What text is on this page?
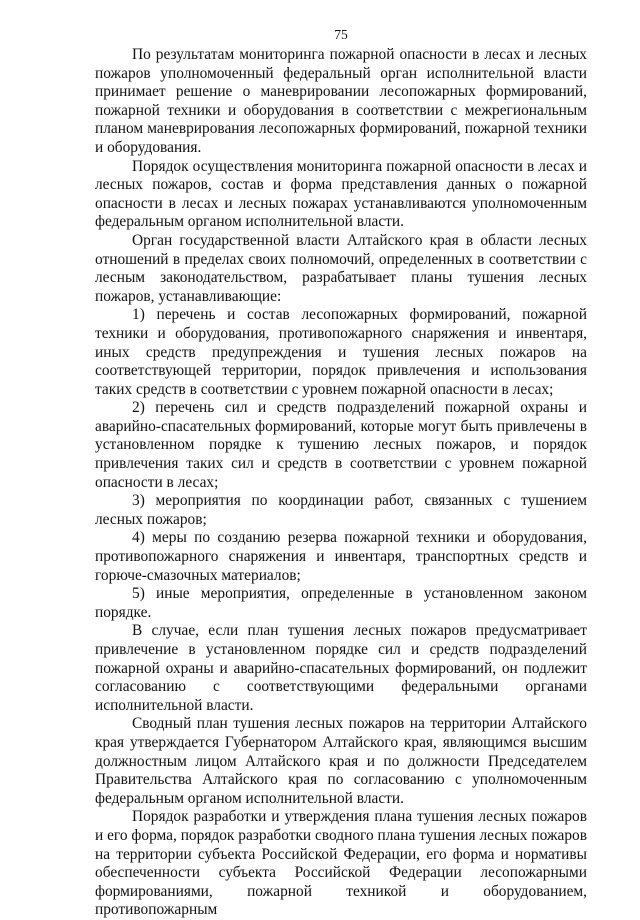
75

По результатам мониторинга пожарной опасности в лесах и лесных пожаров уполномоченный федеральный орган исполнительной власти принимает решение о маневрировании лесопожарных формирований, пожарной техники и оборудования в соответствии с межрегиональным планом маневрирования лесопожарных формирований, пожарной техники и оборудования.

Порядок осуществления мониторинга пожарной опасности в лесах и лесных пожаров, состав и форма представления данных о пожарной опасности в лесах и лесных пожарах устанавливаются уполномоченным федеральным органом исполнительной власти.

Орган государственной власти Алтайского края в области лесных отношений в пределах своих полномочий, определенных в соответствии с лесным законодательством, разрабатывает планы тушения лесных пожаров, устанавливающие:

1) перечень и состав лесопожарных формирований, пожарной техники и оборудования, противопожарного снаряжения и инвентаря, иных средств предупреждения и тушения лесных пожаров на соответствующей территории, порядок привлечения и использования таких средств в соответствии с уровнем пожарной опасности в лесах;

2) перечень сил и средств подразделений пожарной охраны и аварийно-спасательных формирований, которые могут быть привлечены в установленном порядке к тушению лесных пожаров, и порядок привлечения таких сил и средств в соответствии с уровнем пожарной опасности в лесах;

3) мероприятия по координации работ, связанных с тушением лесных пожаров;

4) меры по созданию резерва пожарной техники и оборудования, противопожарного снаряжения и инвентаря, транспортных средств и горюче-смазочных материалов;

5) иные мероприятия, определенные в установленном законом порядке.

В случае, если план тушения лесных пожаров предусматривает привлечение в установленном порядке сил и средств подразделений пожарной охраны и аварийно-спасательных формирований, он подлежит согласованию с соответствующими федеральными органами исполнительной власти.

Сводный план тушения лесных пожаров на территории Алтайского края утверждается Губернатором Алтайского края, являющимся высшим должностным лицом Алтайского края и по должности Председателем Правительства Алтайского края по согласованию с уполномоченным федеральным органом исполнительной власти.

Порядок разработки и утверждения плана тушения лесных пожаров и его форма, порядок разработки сводного плана тушения лесных пожаров на территории субъекта Российской Федерации, его форма и нормативы обеспеченности субъекта Российской Федерации лесопожарными формированиями, пожарной техникой и оборудованием, противопожарным
